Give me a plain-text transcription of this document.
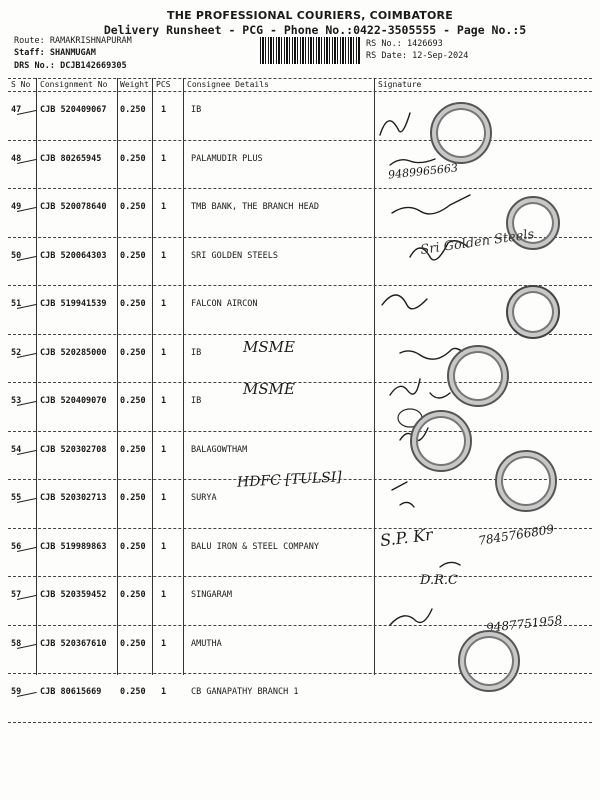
THE PROFESSIONAL COURIERS, COIMBATORE
Delivery Runsheet - PCG - Phone No.:0422-3505555 - Page No.:5
Route: RAMAKRISHNAPURAM
Staff: SHANMUGAM
DRS No.: DCJB142669305
RS No.: 1426693
RS Date: 12-Sep-2024
S No Consignment No Weight PCS Consignee Details	Signature
47 CJB 520409067 0.250 1	IB
48 CJB 80265945 0.250 1	PALAMUDIR PLUS
49 CJB 520078640 0.250 1	TMB BANK, THE BRANCH HEAD
50 CJB 520064303 0.250 1	SRI GOLDEN STEELS
51 CJB 519941539 0.250 1	FALCON AIRCON
52 CJB 520285000 0.250 1	IB
53 CJB 520409070 0.250 1	IB
54 CJB 520302708 0.250 1	BALAGOWTHAM
55 CJB 520302713 0.250 1	SURYA
56 CJB 519989863 0.250 1	BALU IRON & STEEL COMPANY
57 CJB 520359452 0.250 1	SINGARAM
58 CJB 520367610 0.250 1	AMUTHA
59 CJB 80615669 0.250 1	CB GANAPATHY BRANCH 1
MSME
MSME
HDFC [TULSI]
9489965663
S.P. Kr	7845766809
D.R.C
9487751958
Sri Golden Steels
